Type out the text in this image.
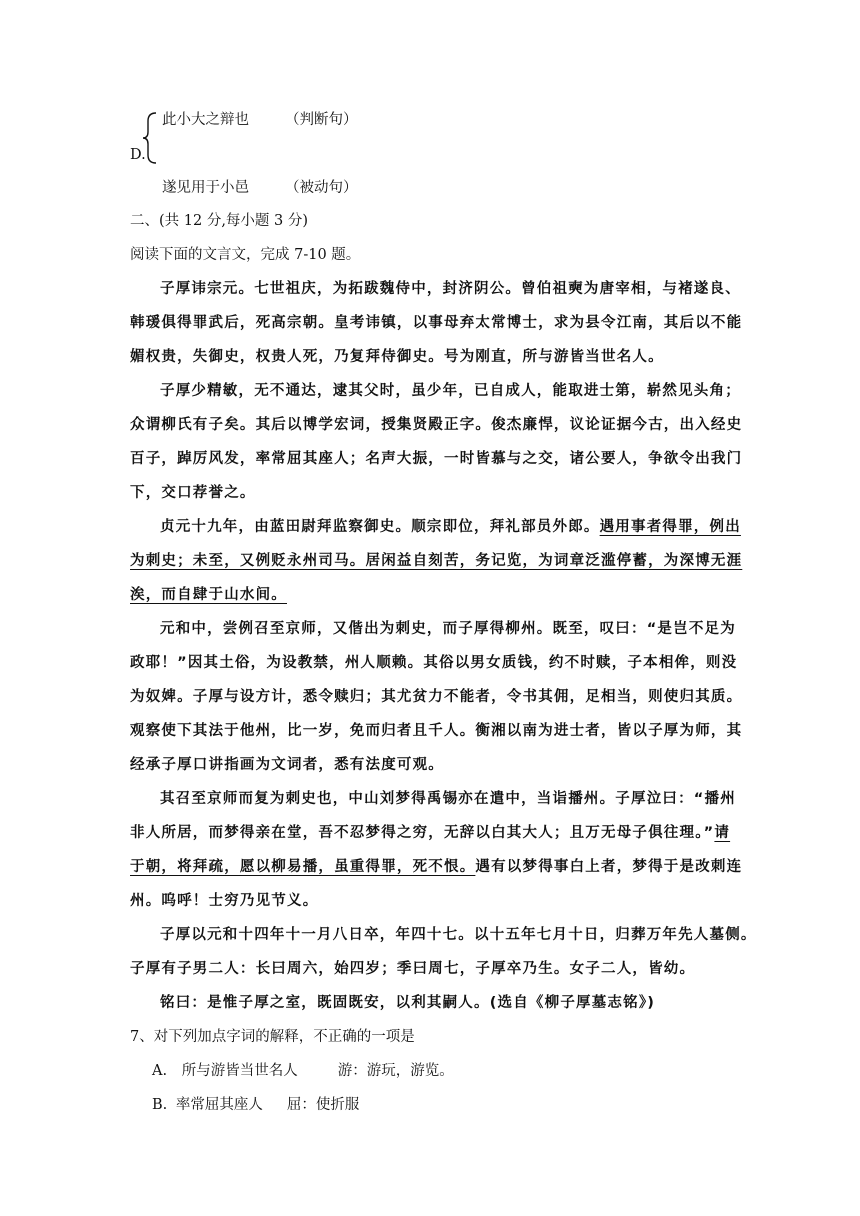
此小大之辩也 （判断句）
D.
遂见用于小邑 （被动句）
二、(共 12 分,每小题 3 分)
阅读下面的文言文，完成 7-10 题。
子厚讳宗元。七世祖庆，为拓跋魏侍中，封济阴公。曾伯祖奭为唐宰相，与褚遂良、
韩瑗俱得罪武后，死高宗朝。皇考讳镇，以事母弃太常博士，求为县令江南，其后以不能
媚权贵，失御史，权贵人死，乃复拜侍御史。号为刚直，所与游皆当世名人。
子厚少精敏，无不通达，逮其父时，虽少年，已自成人，能取进士第，崭然见头角；
众谓柳氏有子矣。其后以博学宏词，授集贤殿正字。俊杰廉悍，议论证据今古，出入经史
百子，踔厉风发，率常屈其座人；名声大振，一时皆慕与之交，诸公要人，争欲令出我门
下，交口荐誉之。
贞元十九年，由蓝田尉拜监察御史。顺宗即位，拜礼部员外郎。遇用事者得罪，例出
为刺史；未至，又例贬永州司马。居闲益自刻苦，务记览，为词章泛滥停蓄，为深博无涯
涘，而自肆于山水间。
元和中，尝例召至京师，又偕出为刺史，而子厚得柳州。既至，叹曰：“是岂不足为
政耶！”因其土俗，为设教禁，州人顺赖。其俗以男女质钱，约不时赎，子本相侔，则没
为奴婢。子厚与设方计，悉令赎归；其尤贫力不能者，令书其佣，足相当，则使归其质。
观察使下其法于他州，比一岁，免而归者且千人。衡湘以南为进士者，皆以子厚为师，其
经承子厚口讲指画为文词者，悉有法度可观。
其召至京师而复为刺史也，中山刘梦得禹锡亦在遣中，当诣播州。子厚泣曰：“播州
非人所居，而梦得亲在堂，吾不忍梦得之穷，无辞以白其大人；且万无母子俱往理。”请
于朝，将拜疏，愿以柳易播，虽重得罪，死不恨。遇有以梦得事白上者，梦得于是改刺连
州。呜呼！士穷乃见节义。
子厚以元和十四年十一月八日卒，年四十七。以十五年七月十日，归葬万年先人墓侧。
子厚有子男二人：长曰周六，始四岁；季曰周七，子厚卒乃生。女子二人，皆幼。
铭曰：是惟子厚之室，既固既安，以利其嗣人。(选自《柳子厚墓志铭》)
7、对下列加点字词的解释，不正确的一项是
A. 所与游皆当世名人	游：游玩，游览。
B. 率常屈其座人 屈：使折服
